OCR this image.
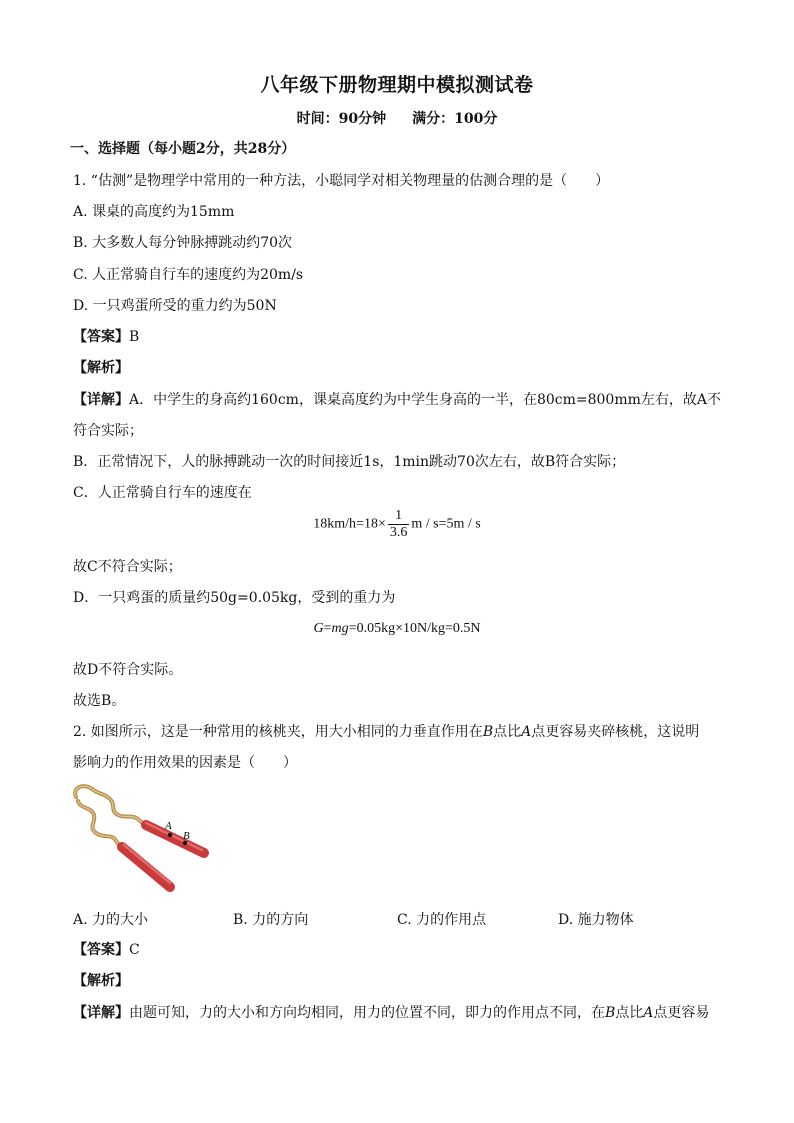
八年级下册物理期中模拟测试卷
时间：90分钟 满分：100分
一、选择题（每小题2分，共28分）
1. “估测”是物理学中常用的一种方法，小聪同学对相关物理量的估测合理的是（　　）
A. 课桌的高度约为15mm
B. 大多数人每分钟脉搏跳动约70次
C. 人正常骑自行车的速度约为20m/s
D. 一只鸡蛋所受的重力约为50N
【答案】B
【解析】
【详解】A．中学生的身高约160cm，课桌高度约为中学生身高的一半，在80cm=800mm左右，故A不
符合实际；
B．正常情况下，人的脉搏跳动一次的时间接近1s，1min跳动70次左右，故B符合实际；
C．人正常骑自行车的速度在
$18km/h=18\times \frac{1}{3.6}$ m / s=5m / s
故C不符合实际；
D．一只鸡蛋的质量约50g=0.05kg，受到的重力为
G=mg=0.05kg×10N/kg=0.5N
故D不符合实际。
故选B。
2. 如图所示，这是一种常用的核桃夹，用大小相同的力垂直作用在B点比A点更容易夹碎核桃，这说明
影响力的作用效果的因素是（　　）
A
B
A. 力的大小	B. 力的方向	C. 力的作用点	D. 施力物体
【答案】C
【解析】
【详解】由题可知，力的大小和方向均相同，用力的位置不同，即力的作用点不同，在B点比A点更容易
